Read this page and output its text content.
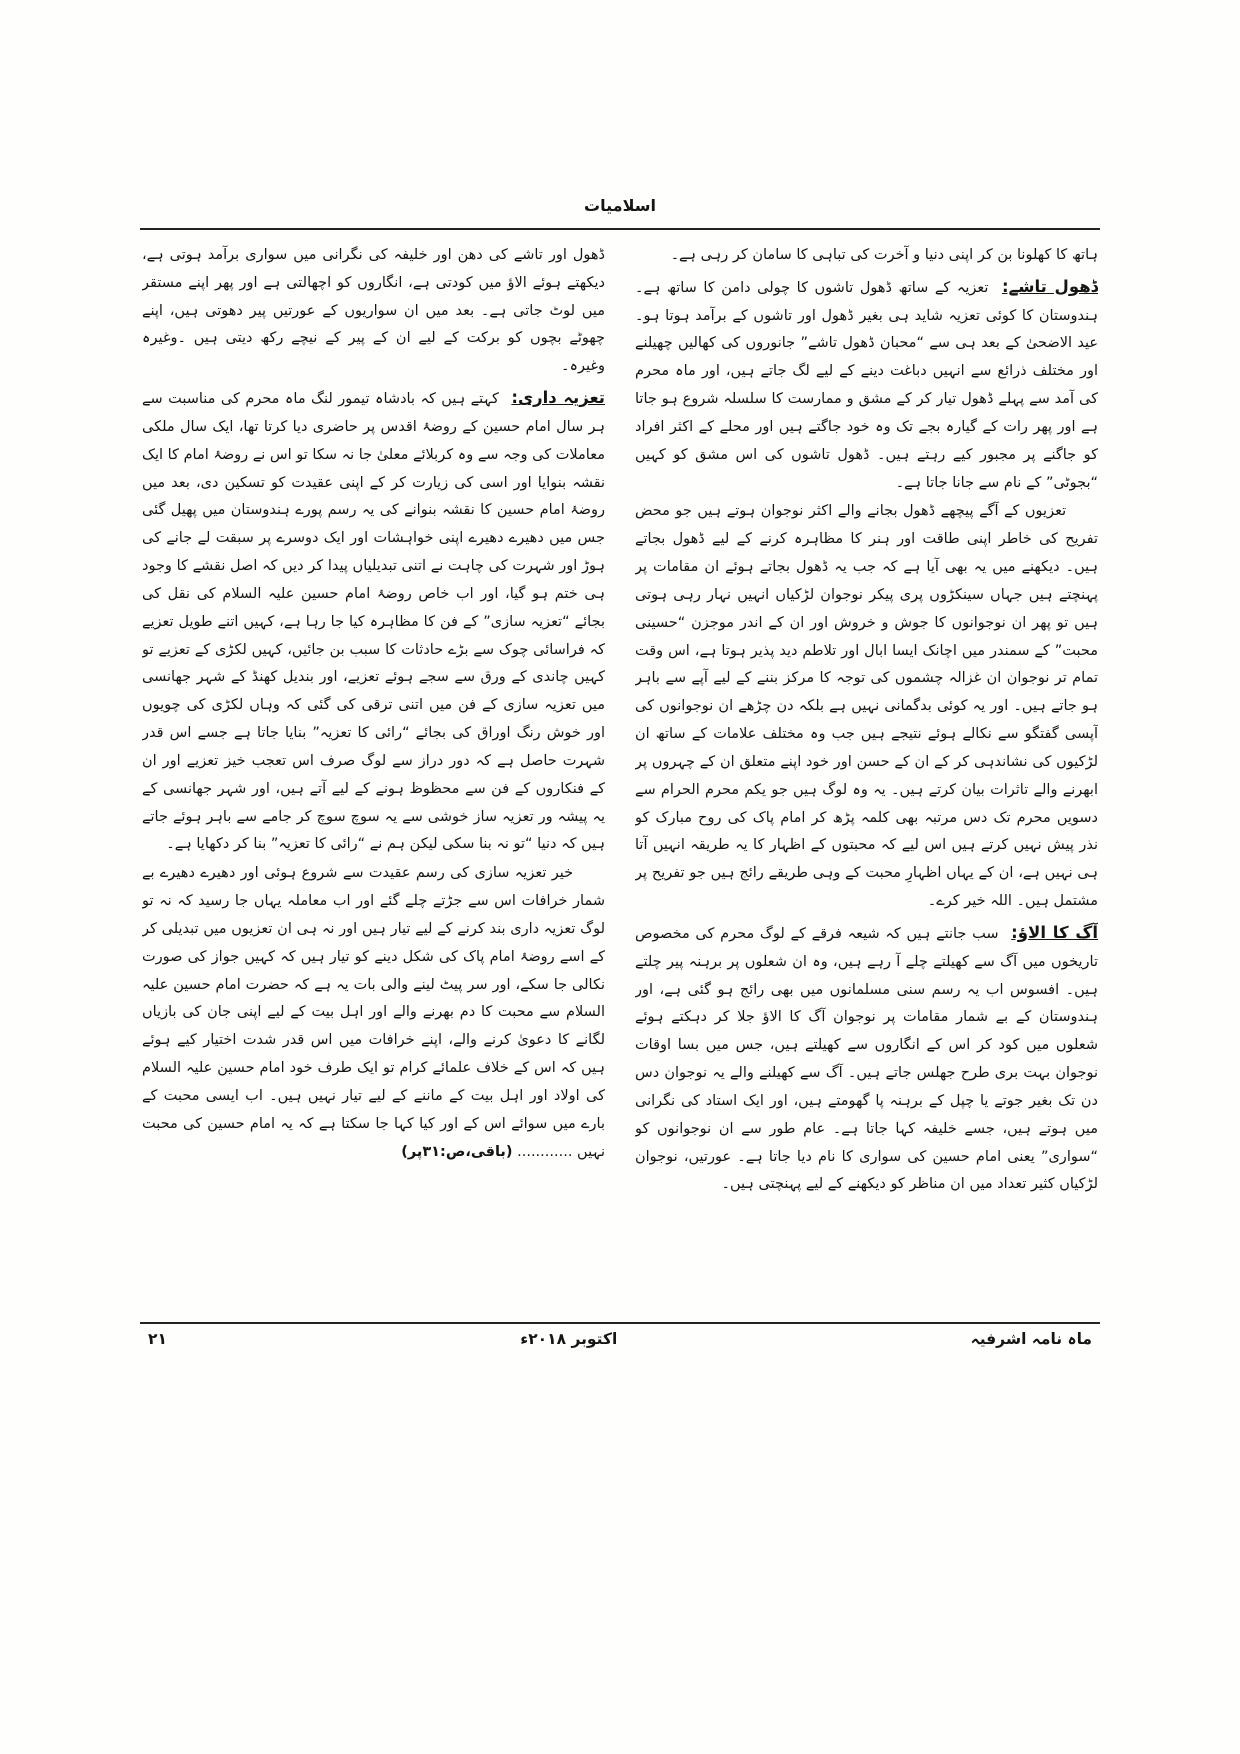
اسلامیات

ہاتھ کا کھلونا بن کر اپنی دنیا و آخرت کی تباہی کا سامان کر رہی ہے۔

ڈھول تاشے: تعزیہ کے ساتھ ڈھول تاشوں کا چولی دامن کا ساتھ ہے۔ ہندوستان کا کوئی تعزیہ شاید ہی بغیر ڈھول اور تاشوں کے برآمد ہوتا ہو۔ عید الاضحیٰ کے بعد ہی سے “محبان ڈھول تاشے” جانوروں کی کھالیں چھیلنے اور مختلف ذرائع سے انہیں دباغت دینے کے لیے لگ جاتے ہیں، اور ماہ محرم کی آمد سے پہلے ڈھول تیار کر کے مشق و ممارست کا سلسلہ شروع ہو جاتا ہے اور پھر رات کے گیارہ بجے تک وہ خود جاگتے ہیں اور محلے کے اکثر افراد کو جاگنے پر مجبور کیے رہتے ہیں۔ ڈھول تاشوں کی اس مشق کو کہیں “بجوٹی” کے نام سے جانا جاتا ہے۔

تعزیوں کے آگے پیچھے ڈھول بجانے والے اکثر نوجوان ہوتے ہیں جو محض تفریح کی خاطر اپنی طاقت اور ہنر کا مظاہرہ کرنے کے لیے ڈھول بجاتے ہیں۔ دیکھنے میں یہ بھی آیا ہے کہ جب یہ ڈھول بجاتے ہوئے ان مقامات پر پہنچتے ہیں جہاں سینکڑوں پری پیکر نوجوان لڑکیاں انہیں نہار رہی ہوتی ہیں تو پھر ان نوجوانوں کا جوش و خروش اور ان کے اندر موجزن “حسینی محبت” کے سمندر میں اچانک ایسا ابال اور تلاطم دید پذیر ہوتا ہے، اس وقت تمام تر نوجوان ان غزالہ چشموں کی توجہ کا مرکز بننے کے لیے آپے سے باہر ہو جاتے ہیں۔ اور یہ کوئی بدگمانی نہیں ہے بلکہ دن چڑھے ان نوجوانوں کی آپسی گفتگو سے نکالے ہوئے نتیجے ہیں جب وہ مختلف علامات کے ساتھ ان لڑکیوں کی نشاندہی کر کے ان کے حسن اور خود اپنے متعلق ان کے چہروں پر ابھرنے والے تاثرات بیان کرتے ہیں۔ یہ وہ لوگ ہیں جو یکم محرم الحرام سے دسویں محرم تک دس مرتبہ بھی کلمہ پڑھ کر امام پاک کی روح مبارک کو نذر پیش نہیں کرتے ہیں اس لیے کہ محبتوں کے اظہار کا یہ طریقہ انہیں آتا ہی نہیں ہے، ان کے یہاں اظہارِ محبت کے وہی طریقے رائج ہیں جو تفریح پر مشتمل ہیں۔ اللہ خیر کرے۔

آگ کا الاؤ: سب جانتے ہیں کہ شیعہ فرقے کے لوگ محرم کی مخصوص تاریخوں میں آگ سے کھیلتے چلے آ رہے ہیں، وہ ان شعلوں پر برہنہ پیر چلتے ہیں۔ افسوس اب یہ رسم سنی مسلمانوں میں بھی رائج ہو گئی ہے، اور ہندوستان کے بے شمار مقامات پر نوجوان آگ کا الاؤ جلا کر دہکتے ہوئے شعلوں میں کود کر اس کے انگاروں سے کھیلتے ہیں، جس میں بسا اوقات نوجوان بہت بری طرح جھلس جاتے ہیں۔ آگ سے کھیلنے والے یہ نوجوان دس دن تک بغیر جوتے یا چپل کے برہنہ پا گھومتے ہیں، اور ایک استاد کی نگرانی میں ہوتے ہیں، جسے خلیفہ کہا جاتا ہے۔ عام طور سے ان نوجوانوں کو “سواری” یعنی امام حسین کی سواری کا نام دیا جاتا ہے۔ عورتیں، نوجوان لڑکیاں کثیر تعداد میں ان مناظر کو دیکھنے کے لیے پہنچتی ہیں۔

ڈھول اور تاشے کی دھن اور خلیفہ کی نگرانی میں سواری برآمد ہوتی ہے، دیکھتے ہوئے الاؤ میں کودتی ہے، انگاروں کو اچھالتی ہے اور پھر اپنے مستقر میں لوٹ جاتی ہے۔ بعد میں ان سواریوں کے عورتیں پیر دھوتی ہیں، اپنے چھوٹے بچوں کو برکت کے لیے ان کے پیر کے نیچے رکھ دیتی ہیں ۔وغیرہ وغیرہ۔

تعزیہ داری: کہتے ہیں کہ بادشاہ تیمور لنگ ماہ محرم کی مناسبت سے ہر سال امام حسین کے روضۂ اقدس پر حاضری دیا کرتا تھا، ایک سال ملکی معاملات کی وجہ سے وہ کربلائے معلیٰ جا نہ سکا تو اس نے روضۂ امام کا ایک نقشہ بنوایا اور اسی کی زیارت کر کے اپنی عقیدت کو تسکین دی، بعد میں روضۂ امام حسین کا نقشہ بنوانے کی یہ رسم پورے ہندوستان میں پھیل گئی جس میں دھیرے دھیرے اپنی خواہشات اور ایک دوسرے پر سبقت لے جانے کی ہوڑ اور شہرت کی چاہت نے اتنی تبدیلیاں پیدا کر دیں کہ اصل نقشے کا وجود ہی ختم ہو گیا، اور اب خاص روضۂ امام حسین علیہ السلام کی نقل کی بجائے “تعزیہ سازی” کے فن کا مظاہرہ کیا جا رہا ہے، کہیں اتنے طویل تعزیے کہ فراسائی چوک سے بڑے حادثات کا سبب بن جائیں، کہیں لکڑی کے تعزیے تو کہیں چاندی کے ورق سے سجے ہوئے تعزیے، اور بندیل کھنڈ کے شہر جھانسی میں تعزیہ سازی کے فن میں اتنی ترقی کی گئی کہ وہاں لکڑی کی چویوں اور خوش رنگ اوراق کی بجائے “رائی کا تعزیہ” بنایا جاتا ہے جسے اس قدر شہرت حاصل ہے کہ دور دراز سے لوگ صرف اس تعجب خیز تعزیے اور ان کے فنکاروں کے فن سے محظوظ ہونے کے لیے آتے ہیں، اور شہر جھانسی کے یہ پیشہ ور تعزیہ ساز خوشی سے یہ سوچ سوچ کر جامے سے باہر ہوئے جاتے ہیں کہ دنیا “تو نہ بنا سکی لیکن ہم نے “رائی کا تعزیہ” بنا کر دکھایا ہے۔

خیر تعزیہ سازی کی رسم عقیدت سے شروع ہوئی اور دھیرے دھیرے بے شمار خرافات اس سے جڑتے چلے گئے اور اب معاملہ یہاں جا رسید کہ نہ تو لوگ تعزیہ داری بند کرنے کے لیے تیار ہیں اور نہ ہی ان تعزیوں میں تبدیلی کر کے اسے روضۂ امام پاک کی شکل دینے کو تیار ہیں کہ کہیں جواز کی صورت نکالی جا سکے، اور سر پیٹ لینے والی بات یہ ہے کہ حضرت امام حسین علیہ السلام سے محبت کا دم بھرنے والے اور اہل بیت کے لیے اپنی جان کی بازیاں لگانے کا دعویٰ کرنے والے، اپنے خرافات میں اس قدر شدت اختیار کیے ہوئے ہیں کہ اس کے خلاف علمائے کرام تو ایک طرف خود امام حسین علیہ السلام کی اولاد اور اہل بیت کے ماننے کے لیے تیار نہیں ہیں۔ اب ایسی محبت کے بارے میں سوائے اس کے اور کیا کہا جا سکتا ہے کہ یہ امام حسین کی محبت نہیں ............ (باقی،ص:۳۱پر)

ماہ نامہ اشرفیہ
اکتوبر ۲۰۱۸ء
۲۱
